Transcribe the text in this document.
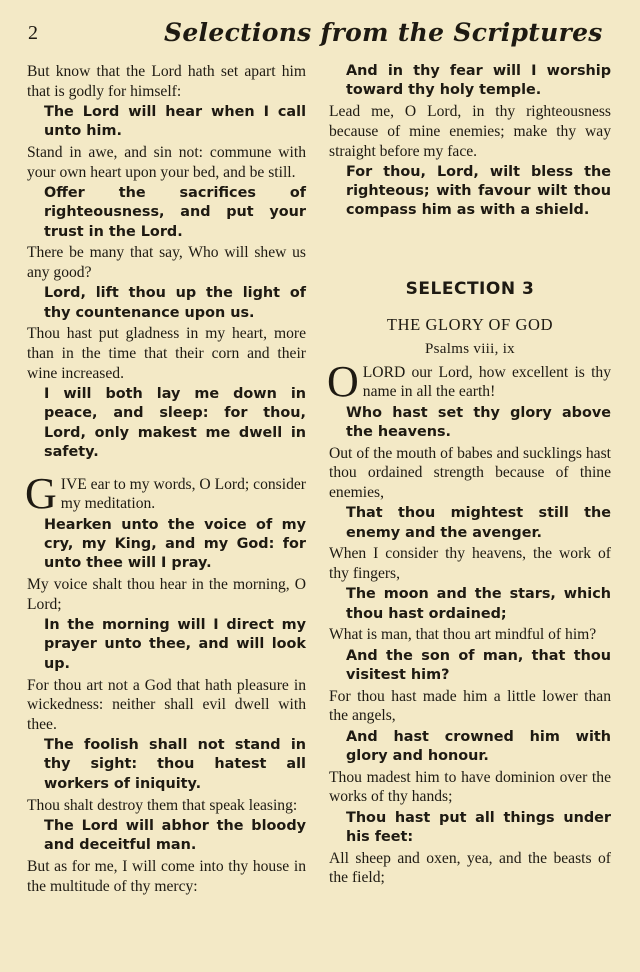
2	Selections from the Scriptures
But know that the Lord hath set apart him that is godly for himself:
The Lord will hear when I call unto him.
Stand in awe, and sin not: commune with your own heart upon your bed, and be still.
Offer the sacrifices of righteousness, and put your trust in the Lord.
There be many that say, Who will shew us any good?
Lord, lift thou up the light of thy countenance upon us.
Thou hast put gladness in my heart, more than in the time that their corn and their wine increased.
I will both lay me down in peace, and sleep: for thou, Lord, only makest me dwell in safety.
GIVE ear to my words, O Lord; consider my meditation.
Hearken unto the voice of my cry, my King, and my God: for unto thee will I pray.
My voice shalt thou hear in the morning, O Lord;
In the morning will I direct my prayer unto thee, and will look up.
For thou art not a God that hath pleasure in wickedness: neither shall evil dwell with thee.
The foolish shall not stand in thy sight: thou hatest all workers of iniquity.
Thou shalt destroy them that speak leasing:
The Lord will abhor the bloody and deceitful man.
But as for me, I will come into thy house in the multitude of thy mercy:
And in thy fear will I worship toward thy holy temple.
Lead me, O Lord, in thy righteousness because of mine enemies; make thy way straight before my face.
For thou, Lord, wilt bless the righteous; with favour wilt thou compass him as with a shield.
SELECTION 3
THE GLORY OF GOD
Psalms viii, ix
OLORD our Lord, how excellent is thy name in all the earth!
Who hast set thy glory above the heavens.
Out of the mouth of babes and sucklings hast thou ordained strength because of thine enemies,
That thou mightest still the enemy and the avenger.
When I consider thy heavens, the work of thy fingers,
The moon and the stars, which thou hast ordained;
What is man, that thou art mindful of him?
And the son of man, that thou visitest him?
For thou hast made him a little lower than the angels,
And hast crowned him with glory and honour.
Thou madest him to have dominion over the works of thy hands;
Thou hast put all things under his feet:
All sheep and oxen, yea, and the beasts of the field;
